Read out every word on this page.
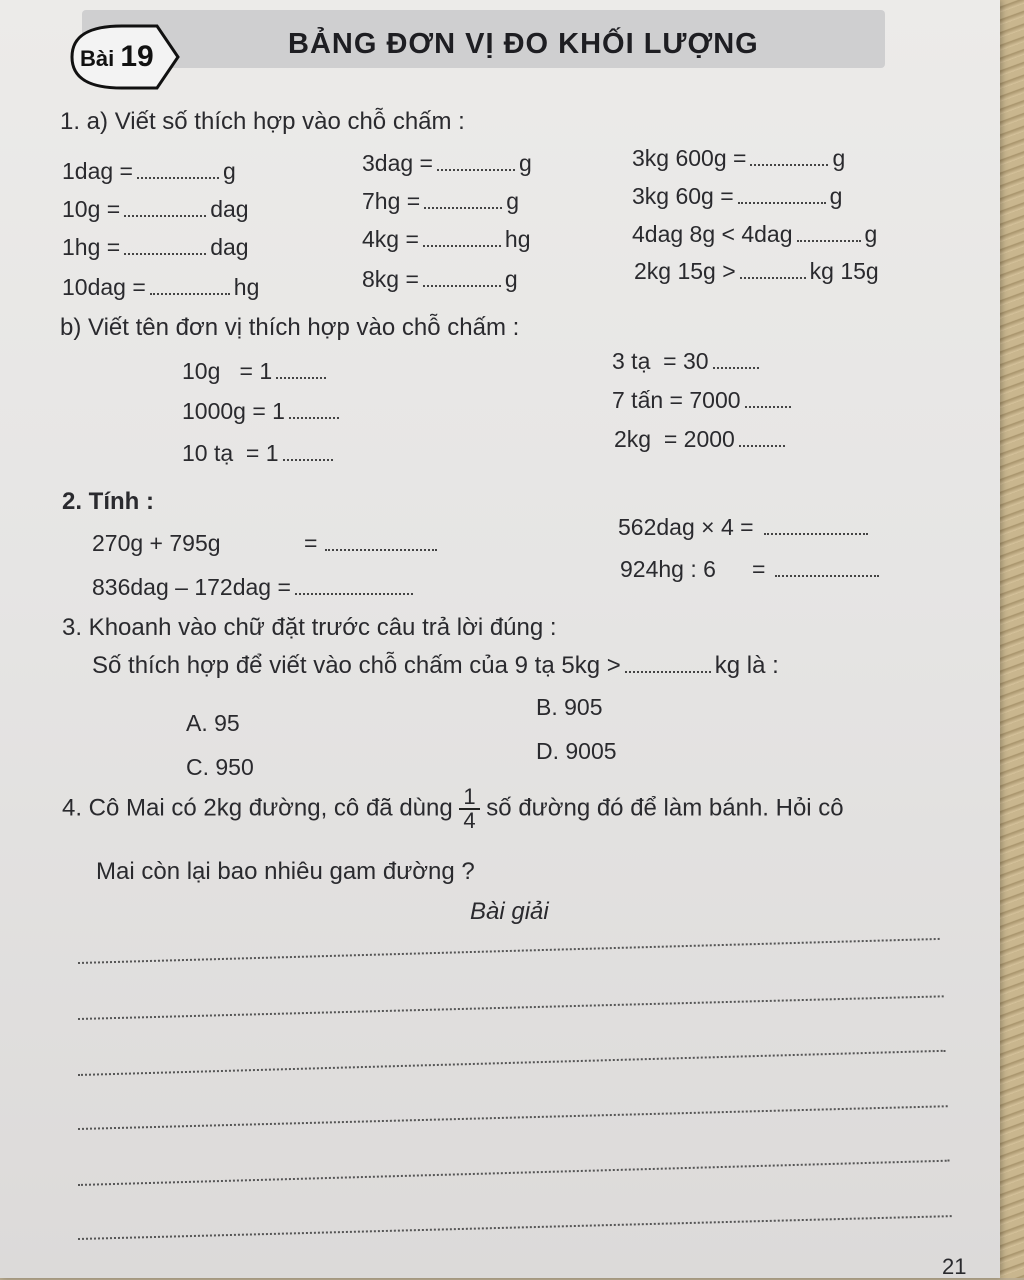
Bài 19	BẢNG ĐƠN VỊ ĐO KHỐI LƯỢNG
1. a) Viết số thích hợp vào chỗ chấm :
1dag =	g
10g =	dag
1hg =	dag
10dag =	hg
3dag =	g
7hg =	g
4kg =	hg
8kg =	g
3kg 600g =	g
3kg 60g =	g
4dag 8g < 4dag	g
2kg 15g >	kg 15g
b) Viết tên đơn vị thích hợp vào chỗ chấm :
10g   = 1
1000g = 1
10 tạ  = 1
3 tạ  = 30
7 tấn = 7000
2kg  = 2000
2. Tính :
270g + 795g	=
836dag – 172dag =
562dag × 4 =
924hg : 6 =
3. Khoanh vào chữ đặt trước câu trả lời đúng :
Số thích hợp để viết vào chỗ chấm của 9 tạ 5kg >	kg là :
A. 95
B. 905
C. 950
D. 9005
4. Cô Mai có 2kg đường, cô đã dùng $\frac{1}{4}$ số đường đó để làm bánh. Hỏi cô
Mai còn lại bao nhiêu gam đường ?
Bài giải
21
